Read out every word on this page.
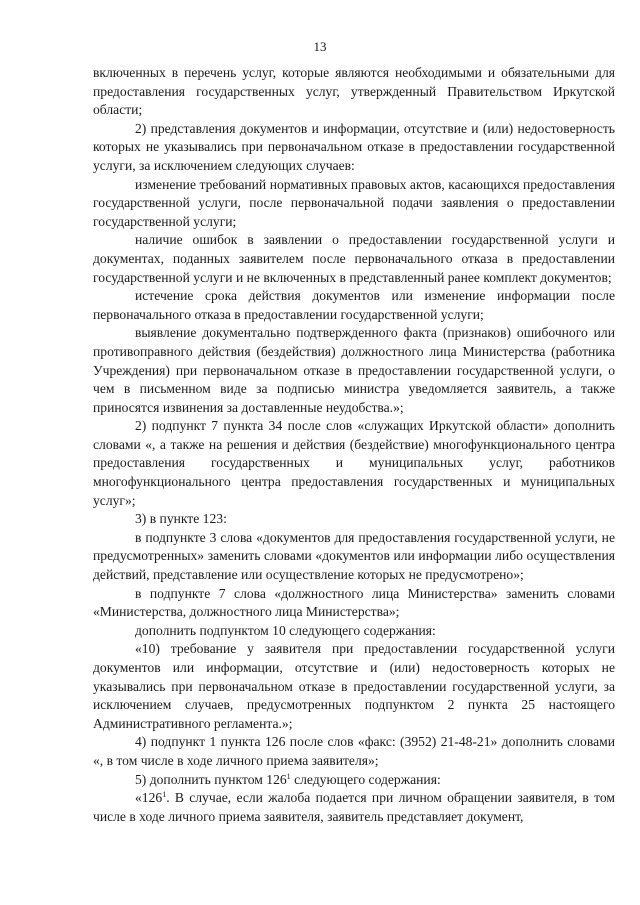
13

включенных в перечень услуг, которые являются необходимыми и обязательными для предоставления государственных услуг, утвержденный Правительством Иркутской области;

2) представления документов и информации, отсутствие и (или) недостоверность которых не указывались при первоначальном отказе в предоставлении государственной услуги, за исключением следующих случаев:

изменение требований нормативных правовых актов, касающихся предоставления государственной услуги, после первоначальной подачи заявления о предоставлении государственной услуги;

наличие ошибок в заявлении о предоставлении государственной услуги и документах, поданных заявителем после первоначального отказа в предоставлении государственной услуги и не включенных в представленный ранее комплект документов;

истечение срока действия документов или изменение информации после первоначального отказа в предоставлении государственной услуги;

выявление документально подтвержденного факта (признаков) ошибочного или противоправного действия (бездействия) должностного лица Министерства (работника Учреждения) при первоначальном отказе в предоставлении государственной услуги, о чем в письменном виде за подписью министра уведомляется заявитель, а также приносятся извинения за доставленные неудобства.»;

2) подпункт 7 пункта 34 после слов «служащих Иркутской области» дополнить словами «, а также на решения и действия (бездействие) многофункционального центра предоставления государственных и муниципальных услуг, работников многофункционального центра предоставления государственных и муниципальных услуг»;

3) в пункте 123:

в подпункте 3 слова «документов для предоставления государственной услуги, не предусмотренных» заменить словами «документов или информации либо осуществления действий, представление или осуществление которых не предусмотрено»;

в подпункте 7 слова «должностного лица Министерства» заменить словами «Министерства, должностного лица Министерства»;

дополнить подпунктом 10 следующего содержания:

«10) требование у заявителя при предоставлении государственной услуги документов или информации, отсутствие и (или) недостоверность которых не указывались при первоначальном отказе в предоставлении государственной услуги, за исключением случаев, предусмотренных подпунктом 2 пункта 25 настоящего Административного регламента.»;

4) подпункт 1 пункта 126 после слов «факс: (3952) 21-48-21» дополнить словами «, в том числе в ходе личного приема заявителя»;

5) дополнить пунктом $126^1$ следующего содержания:

«$126^1$. В случае, если жалоба подается при личном обращении заявителя, в том числе в ходе личного приема заявителя, заявитель представляет документ,
